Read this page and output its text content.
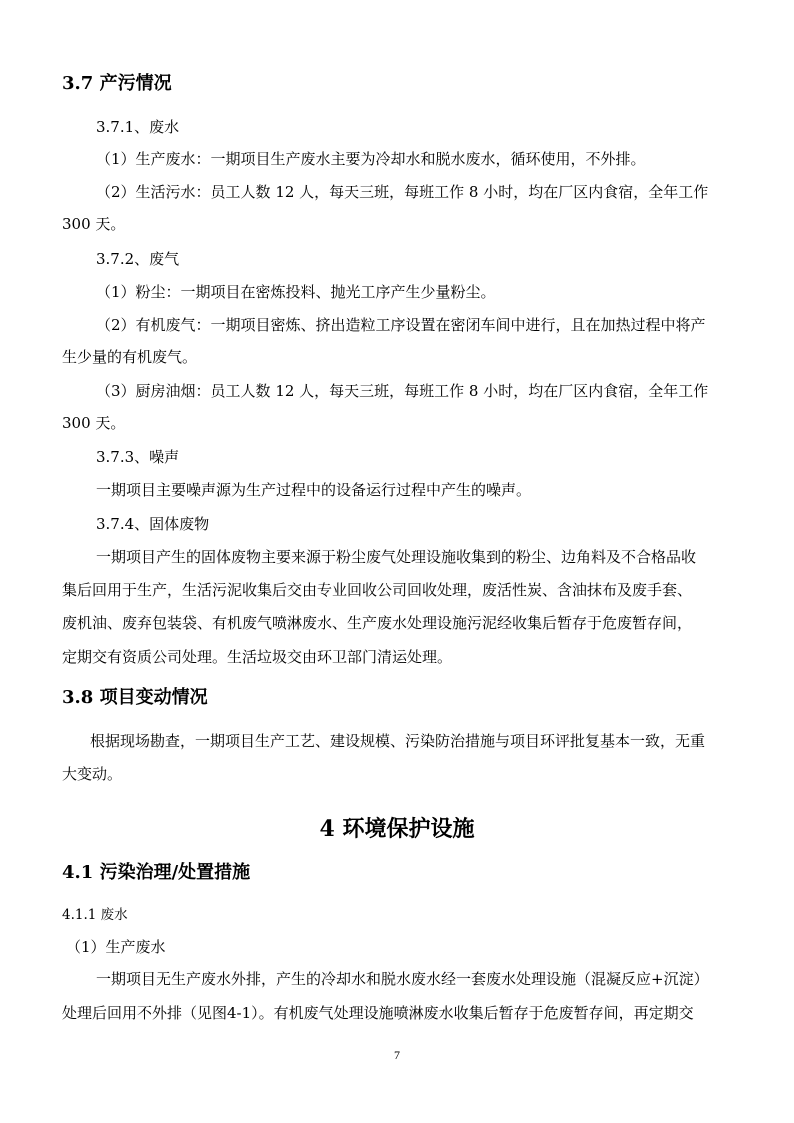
3.7 产污情况
3.7.1、废水
（1）生产废水：一期项目生产废水主要为冷却水和脱水废水，循环使用，不外排。
（2）生活污水：员工人数 12 人，每天三班，每班工作 8 小时，均在厂区内食宿，全年工作
300 天。
3.7.2、废气
（1）粉尘：一期项目在密炼投料、抛光工序产生少量粉尘。
（2）有机废气：一期项目密炼、挤出造粒工序设置在密闭车间中进行，且在加热过程中将产
生少量的有机废气。
（3）厨房油烟：员工人数 12 人，每天三班，每班工作 8 小时，均在厂区内食宿，全年工作
300 天。
3.7.3、噪声
一期项目主要噪声源为生产过程中的设备运行过程中产生的噪声。
3.7.4、固体废物
一期项目产生的固体废物主要来源于粉尘废气处理设施收集到的粉尘、边角料及不合格品收
集后回用于生产，生活污泥收集后交由专业回收公司回收处理，废活性炭、含油抹布及废手套、
废机油、废弃包装袋、有机废气喷淋废水、生产废水处理设施污泥经收集后暂存于危废暂存间，
定期交有资质公司处理。生活垃圾交由环卫部门清运处理。
3.8 项目变动情况
根据现场勘查，一期项目生产工艺、建设规模、污染防治措施与项目环评批复基本一致，无重
大变动。
4 环境保护设施
4.1 污染治理/处置措施
4.1.1 废水
（1）生产废水
一期项目无生产废水外排，产生的冷却水和脱水废水经一套废水处理设施（混凝反应+沉淀）
处理后回用不外排（见图4-1）。有机废气处理设施喷淋废水收集后暂存于危废暂存间，再定期交
7
